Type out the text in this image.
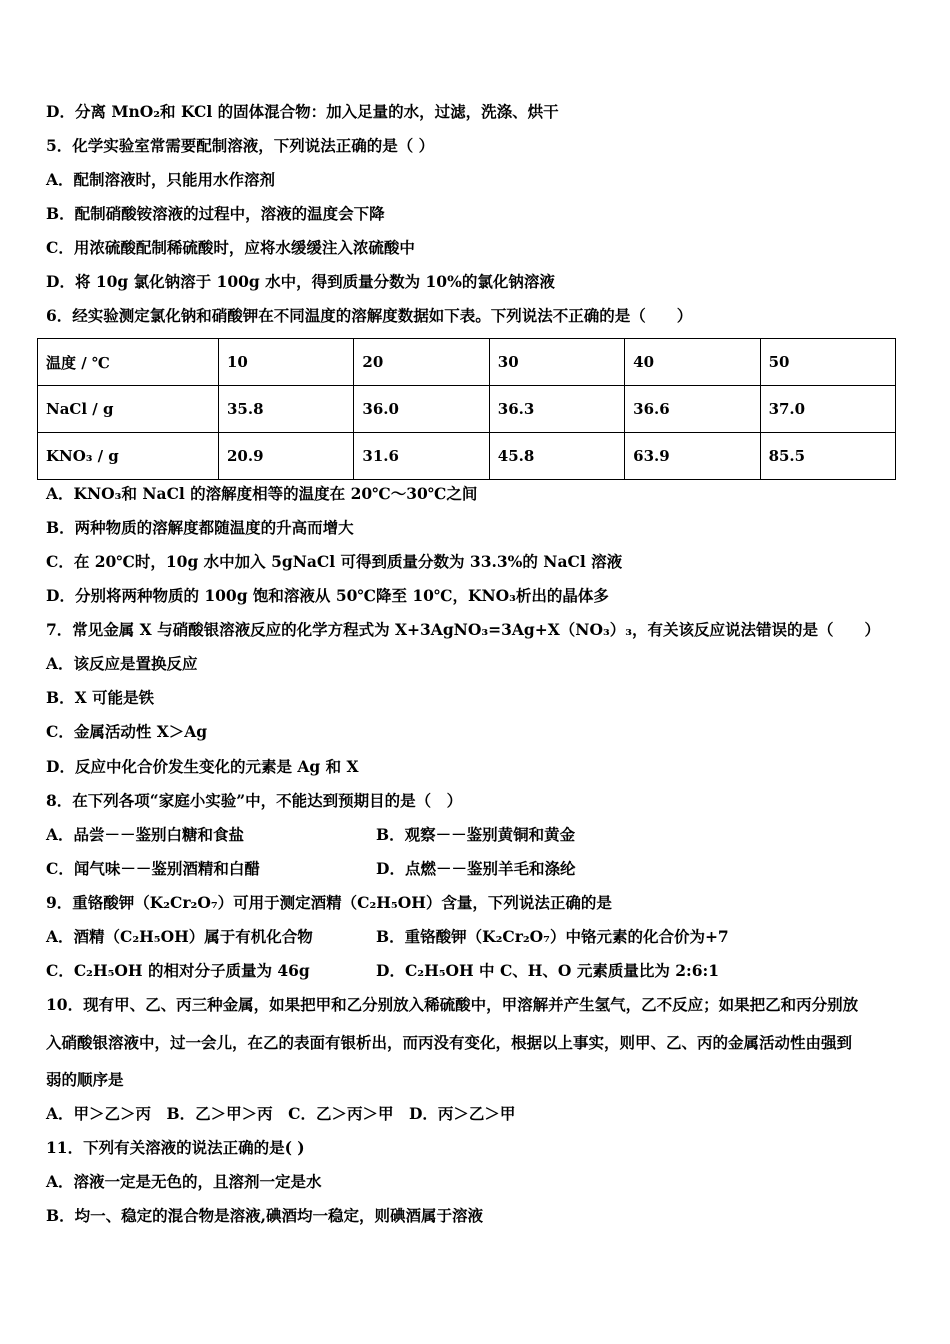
D．分离 MnO₂和 KCl 的固体混合物：加入足量的水，过滤，洗涤、烘干
5．化学实验室常需要配制溶液，下列说法正确的是（ ）
A．配制溶液时，只能用水作溶剂
B．配制硝酸铵溶液的过程中，溶液的温度会下降
C．用浓硫酸配制稀硫酸时，应将水缓缓注入浓硫酸中
D．将 10g 氯化钠溶于 100g 水中，得到质量分数为 10%的氯化钠溶液
6．经实验测定氯化钠和硝酸钾在不同温度的溶解度数据如下表。下列说法不正确的是（　　）
温度 / ℃	10	20	30	40	50
NaCl / g	35.8	36.0	36.3	36.6	37.0
KNO₃ / g	20.9	31.6	45.8	63.9	85.5
A．KNO₃和 NaCl 的溶解度相等的温度在 20℃～30℃之间
B．两种物质的溶解度都随温度的升高而增大
C．在 20℃时，10g 水中加入 5gNaCl 可得到质量分数为 33.3%的 NaCl 溶液
D．分别将两种物质的 100g 饱和溶液从 50℃降至 10℃，KNO₃析出的晶体多
7．常见金属 X 与硝酸银溶液反应的化学方程式为 X+3AgNO₃=3Ag+X（NO₃）₃，有关该反应说法错误的是（　　）
A．该反应是置换反应
B．X 可能是铁
C．金属活动性 X＞Ag
D．反应中化合价发生变化的元素是 Ag 和 X
8．在下列各项“家庭小实验”中，不能达到预期目的是（　）
A．品尝－－鉴别白糖和食盐	B．观察－－鉴别黄铜和黄金
C．闻气味－－鉴别酒精和白醋	D．点燃－－鉴别羊毛和涤纶
9．重铬酸钾（K₂Cr₂O₇）可用于测定酒精（C₂H₅OH）含量，下列说法正确的是
A．酒精（C₂H₅OH）属于有机化合物	B．重铬酸钾（K₂Cr₂O₇）中铬元素的化合价为+7
C．C₂H₅OH 的相对分子质量为 46g	D．C₂H₅OH 中 C、H、O 元素质量比为 2:6:1
10．现有甲、乙、丙三种金属，如果把甲和乙分别放入稀硫酸中，甲溶解并产生氢气，乙不反应；如果把乙和丙分别放
入硝酸银溶液中，过一会儿，在乙的表面有银析出，而丙没有变化，根据以上事实，则甲、乙、丙的金属活动性由强到
弱的顺序是
A．甲＞乙＞丙　B．乙＞甲＞丙　C．乙＞丙＞甲　D．丙＞乙＞甲
11．下列有关溶液的说法正确的是( )
A．溶液一定是无色的，且溶剂一定是水
B．均一、稳定的混合物是溶液,碘酒均一稳定，则碘酒属于溶液
